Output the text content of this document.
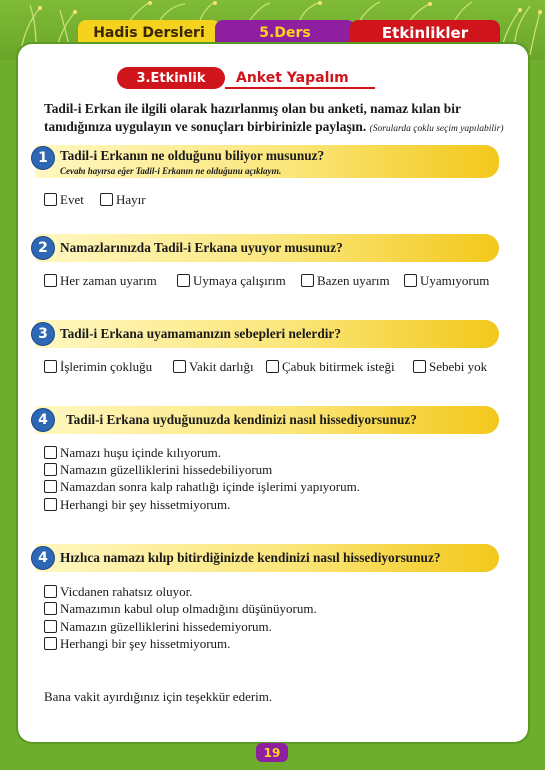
Hadis Dersleri	5.Ders	Etkinlikler
3.Etkinlik	Anket Yapalım
Tadil-i Erkan ile ilgili olarak hazırlanmış olan bu anketi, namaz kılan bir tanıdığınıza uygulayın ve sonuçları birbirinizle paylaşın. (Sorularda çoklu seçim yapılabilir)
1 Tadil-i Erkanın ne olduğunu biliyor musunuz?
Cevabı hayırsa eğer Tadil-i Erkanın ne olduğunu açıklayın.
Evet	Hayır
2 Namazlarınızda Tadil-i Erkana uyuyor musunuz?
Her zaman uyarım	Uymaya çalışırım	Bazen uyarım	Uyamıyorum
3 Tadil-i Erkana uyamamanızın sebepleri nelerdir?
İşlerimin çokluğu	Vakit darlığı	Çabuk bitirmek isteği	Sebebi yok
4	Tadil-i Erkana uyduğunuzda kendinizi nasıl hissediyorsunuz?
Namazı huşu içinde kılıyorum.
Namazın güzelliklerini hissedebiliyorum
Namazdan sonra kalp rahatlığı içinde işlerimi yapıyorum.
Herhangi bir şey hissetmiyorum.
4 Hızlıca namazı kılıp bitirdiğinizde kendinizi nasıl hissediyorsunuz?
Vicdanen rahatsız oluyor.
Namazımın kabul olup olmadığını düşünüyorum.
Namazın güzelliklerini hissedemiyorum.
Herhangi bir şey hissetmiyorum.
Bana vakit ayırdığınız için teşekkür ederim.
19
